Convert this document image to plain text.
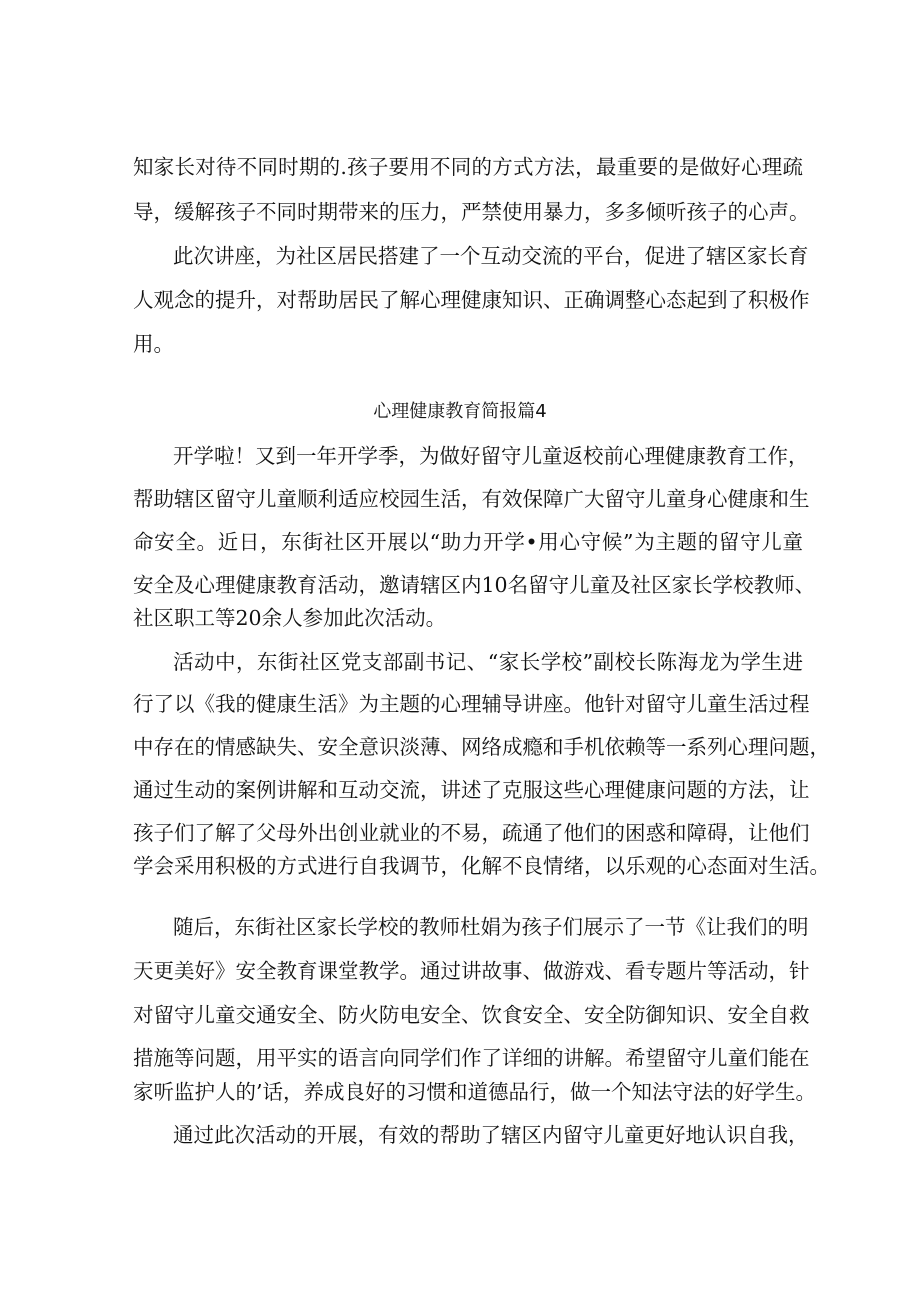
知家长对待不同时期的.孩子要用不同的方式方法，最重要的是做好心理疏
导，缓解孩子不同时期带来的压力，严禁使用暴力，多多倾听孩子的心声。
此次讲座，为社区居民搭建了一个互动交流的平台，促进了辖区家长育
人观念的提升，对帮助居民了解心理健康知识、正确调整心态起到了积极作
用。
心理健康教育简报篇4
开学啦！又到一年开学季，为做好留守儿童返校前心理健康教育工作，
帮助辖区留守儿童顺利适应校园生活，有效保障广大留守儿童身心健康和生
命安全。近日，东街社区开展以“助力开学•用心守候”为主题的留守儿童
安全及心理健康教育活动，邀请辖区内10名留守儿童及社区家长学校教师、
社区职工等20余人参加此次活动。
活动中，东街社区党支部副书记、“家长学校”副校长陈海龙为学生进
行了以《我的健康生活》为主题的心理辅导讲座。他针对留守儿童生活过程
中存在的情感缺失、安全意识淡薄、网络成瘾和手机依赖等一系列心理问题，
通过生动的案例讲解和互动交流，讲述了克服这些心理健康问题的方法，让
孩子们了解了父母外出创业就业的不易，疏通了他们的困惑和障碍，让他们
学会采用积极的方式进行自我调节，化解不良情绪，以乐观的心态面对生活。
随后，东街社区家长学校的教师杜娟为孩子们展示了一节《让我们的明
天更美好》安全教育课堂教学。通过讲故事、做游戏、看专题片等活动，针
对留守儿童交通安全、防火防电安全、饮食安全、安全防御知识、安全自救
措施等问题，用平实的语言向同学们作了详细的讲解。希望留守儿童们能在
家听监护人的’话，养成良好的习惯和道德品行，做一个知法守法的好学生。
通过此次活动的开展，有效的帮助了辖区内留守儿童更好地认识自我，
